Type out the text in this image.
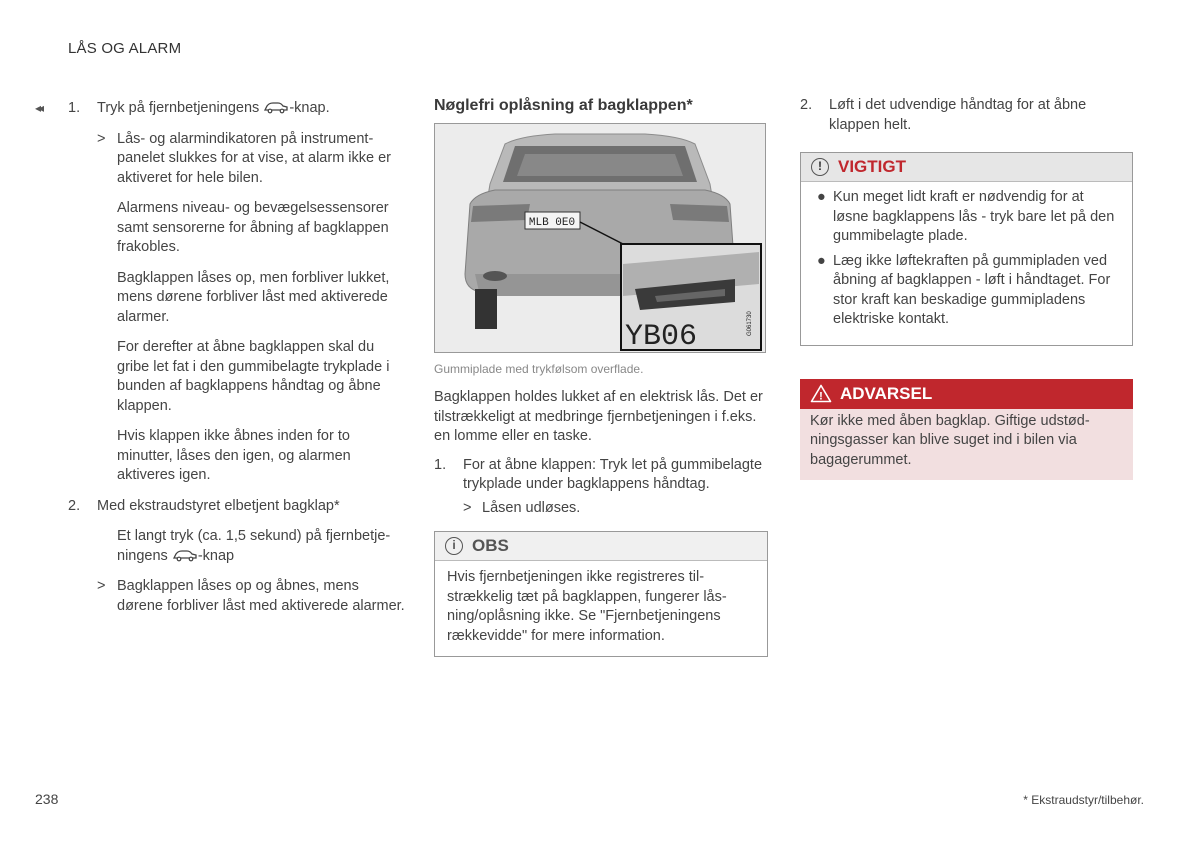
LÅS OG ALARM
◂◂ 1. Tryk på fjernbetjeningens -knap.
> Lås- og alarmindikatoren på instrumentpanelet slukkes for at vise, at alarm ikke er aktiveret for hele bilen.
Alarmens niveau- og bevægelsessensorer samt sensorerne for åbning af bagklappen frakobles.
Bagklappen låses op, men forbliver lukket, mens dørene forbliver låst med aktiverede alarmer.
For derefter at åbne bagklappen skal du gribe let fat i den gummibelagte trykplade i bunden af bagklappens håndtag og åbne klappen.
Hvis klappen ikke åbnes inden for to minutter, låses den igen, og alarmen aktiveres igen.
2. Med ekstraudstyret elbetjent bagklap*
Et langt tryk (ca. 1,5 sekund) på fjernbetjeningens -knap
> Bagklappen låses op og åbnes, mens dørene forbliver låst med aktiverede alarmer.
Nøglefri oplåsning af bagklappen*
MLB 0E0
YB06	G061730
Gummiplade med trykfølsom overflade.
Bagklappen holdes lukket af en elektrisk lås. Det er tilstrækkeligt at medbringe fjernbetjeningen i f.eks. en lomme eller en taske.
1. For at åbne klappen: Tryk let på gummibelagte trykplade under bagklappens håndtag.
> Låsen udløses.
i OBS
Hvis fjernbetjeningen ikke registreres tilstrækkelig tæt på bagklappen, fungerer låsning/oplåsning ikke. Se "Fjernbetjeningens rækkevidde" for mere information.
2. Løft i det udvendige håndtag for at åbne klappen helt.
! VIGTIGT
● Kun meget lidt kraft er nødvendig for at løsne bagklappens lås - tryk bare let på den gummibelagte plade.
● Læg ikke løftekraften på gummipladen ved åbning af bagklappen - løft i håndtaget. For stor kraft kan beskadige gummipladens elektriske kontakt.
! ADVARSEL
Kør ikke med åben bagklap. Giftige udstødningsgasser kan blive suget ind i bilen via bagagerummet.
238	* Ekstraudstyr/tilbehør.
